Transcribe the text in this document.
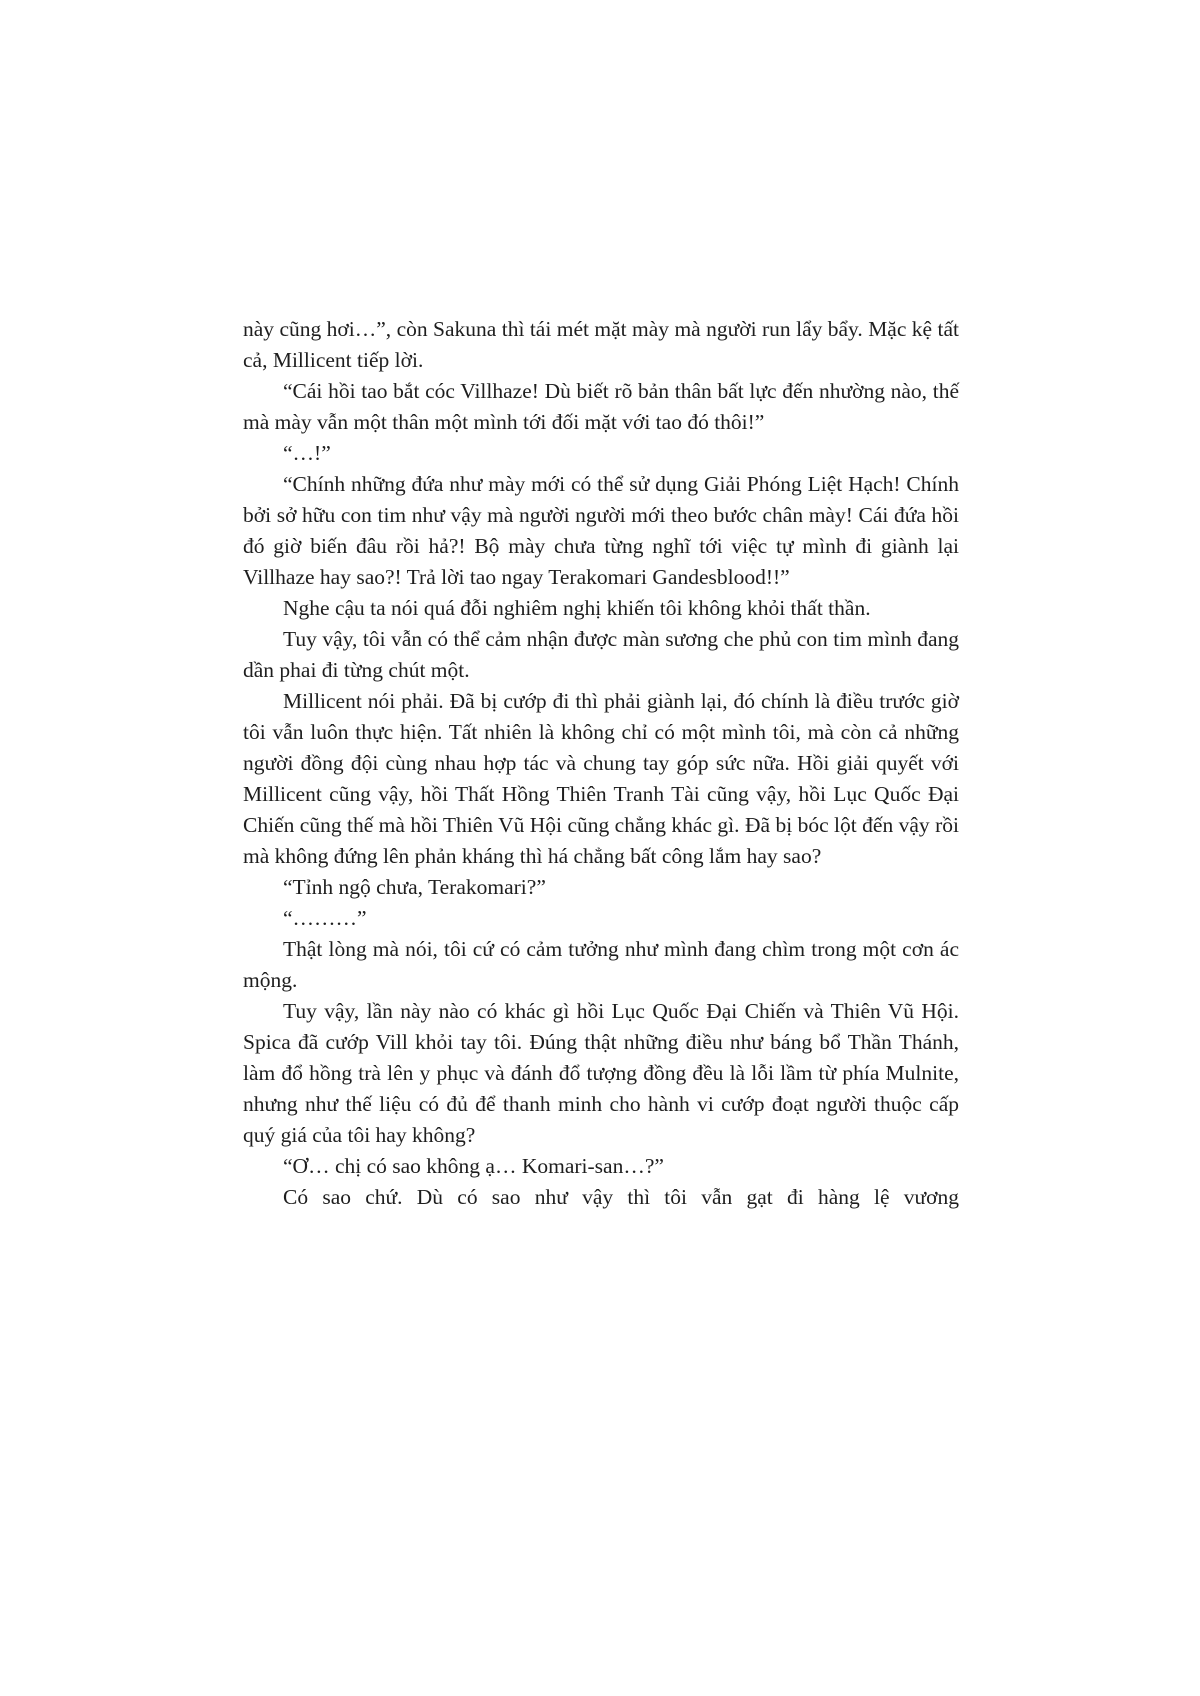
này cũng hơi…”, còn Sakuna thì tái mét mặt mày mà người run lẩy bẩy. Mặc kệ tất cả, Millicent tiếp lời.

“Cái hồi tao bắt cóc Villhaze! Dù biết rõ bản thân bất lực đến nhường nào, thế mà mày vẫn một thân một mình tới đối mặt với tao đó thôi!”

“…!”

“Chính những đứa như mày mới có thể sử dụng Giải Phóng Liệt Hạch! Chính bởi sở hữu con tim như vậy mà người người mới theo bước chân mày! Cái đứa hồi đó giờ biến đâu rồi hả?! Bộ mày chưa từng nghĩ tới việc tự mình đi giành lại Villhaze hay sao?! Trả lời tao ngay Terakomari Gandesblood!!”

Nghe cậu ta nói quá đỗi nghiêm nghị khiến tôi không khỏi thất thần.

Tuy vậy, tôi vẫn có thể cảm nhận được màn sương che phủ con tim mình đang dần phai đi từng chút một.

Millicent nói phải. Đã bị cướp đi thì phải giành lại, đó chính là điều trước giờ tôi vẫn luôn thực hiện. Tất nhiên là không chỉ có một mình tôi, mà còn cả những người đồng đội cùng nhau hợp tác và chung tay góp sức nữa. Hồi giải quyết với Millicent cũng vậy, hồi Thất Hồng Thiên Tranh Tài cũng vậy, hồi Lục Quốc Đại Chiến cũng thế mà hồi Thiên Vũ Hội cũng chẳng khác gì. Đã bị bóc lột đến vậy rồi mà không đứng lên phản kháng thì há chẳng bất công lắm hay sao?

“Tỉnh ngộ chưa, Terakomari?”

“………”

Thật lòng mà nói, tôi cứ có cảm tưởng như mình đang chìm trong một cơn ác mộng.

Tuy vậy, lần này nào có khác gì hồi Lục Quốc Đại Chiến và Thiên Vũ Hội. Spica đã cướp Vill khỏi tay tôi. Đúng thật những điều như báng bổ Thần Thánh, làm đổ hồng trà lên y phục và đánh đổ tượng đồng đều là lỗi lầm từ phía Mulnite, nhưng như thế liệu có đủ để thanh minh cho hành vi cướp đoạt người thuộc cấp quý giá của tôi hay không?

“Ơ… chị có sao không ạ… Komari-san…?”

Có sao chứ. Dù có sao như vậy thì tôi vẫn gạt đi hàng lệ vương
